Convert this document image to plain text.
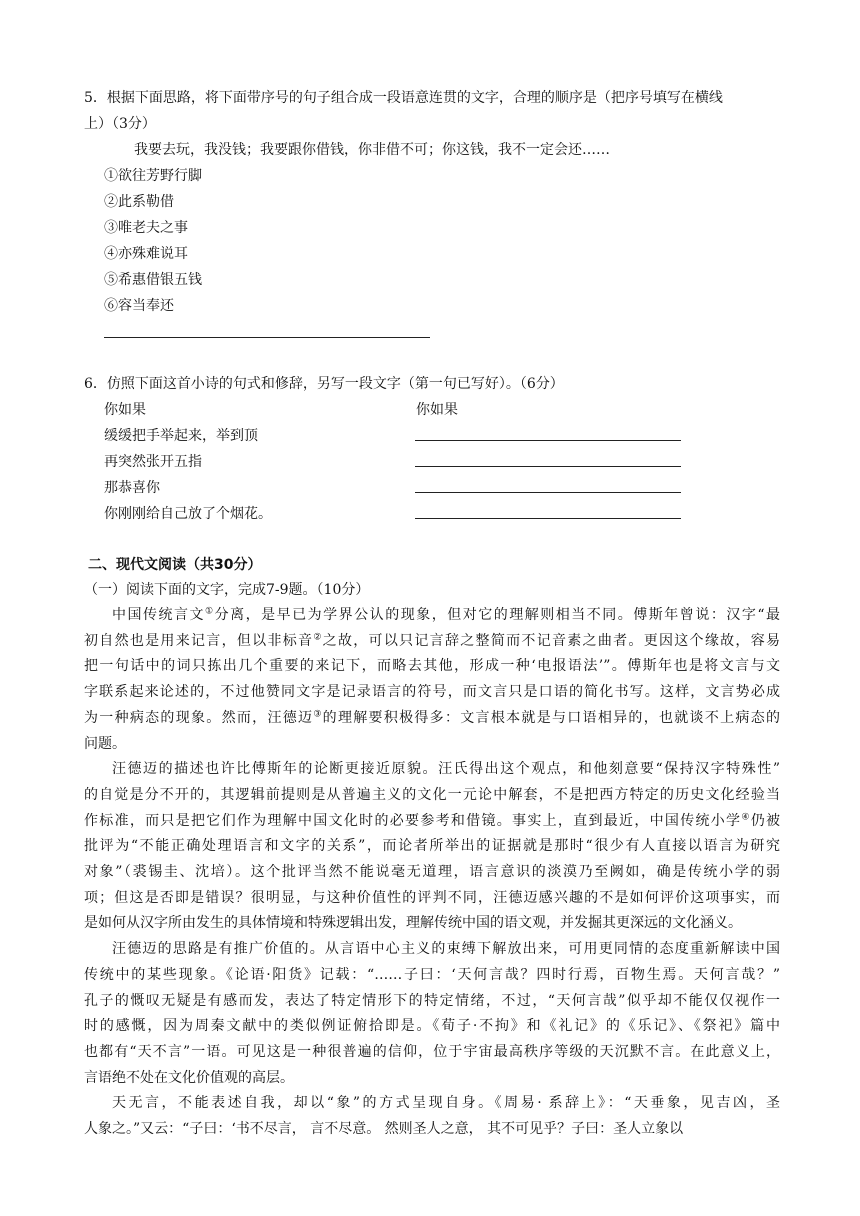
5．根据下面思路，将下面带序号的句子组合成一段语意连贯的文字，合理的顺序是（把序号填写在横线
上）（3分）
我要去玩，我没钱；我要跟你借钱，你非借不可；你这钱，我不一定会还……
①欲往芳野行脚
②此系勒借
③唯老夫之事
④亦殊难说耳
⑤希惠借银五钱
⑥容当奉还
6．仿照下面这首小诗的句式和修辞，另写一段文字（第一句已写好）。（6分）
你如果
缓缓把手举起来，举到顶
再突然张开五指
那恭喜你
你刚刚给自己放了个烟花。
你如果
二、现代文阅读（共30分）
（一）阅读下面的文字，完成7-9题。（10分）
中国传统言文①分离，是早已为学界公认的现象，但对它的理解则相当不同。傅斯年曾说：汉字“最
初自然也是用来记言，但以非标音②之故，可以只记言辞之整简而不记音素之曲者。更因这个缘故，容易
把一句话中的词只拣出几个重要的来记下，而略去其他，形成一种‘电报语法’”。傅斯年也是将文言与文
字联系起来论述的，不过他赞同文字是记录语言的符号，而文言只是口语的简化书写。这样，文言势必成
为一种病态的现象。然而，汪德迈③的理解要积极得多：文言根本就是与口语相异的，也就谈不上病态的
问题。
汪德迈的描述也许比傅斯年的论断更接近原貌。汪氏得出这个观点，和他刻意要“保持汉字特殊性”
的自觉是分不开的，其逻辑前提则是从普遍主义的文化一元论中解套，不是把西方特定的历史文化经验当
作标准，而只是把它们作为理解中国文化时的必要参考和借镜。事实上，直到最近，中国传统小学④仍被
批评为“不能正确处理语言和文字的关系”，而论者所举出的证据就是那时“很少有人直接以语言为研究
对象”（裘锡圭、沈培）。这个批评当然不能说毫无道理，语言意识的淡漠乃至阙如，确是传统小学的弱
项；但这是否即是错误？很明显，与这种价值性的评判不同，汪德迈感兴趣的不是如何评价这项事实，而
是如何从汉字所由发生的具体情境和特殊逻辑出发，理解传统中国的语文观，并发掘其更深远的文化涵义。
汪德迈的思路是有推广价值的。从言语中心主义的束缚下解放出来，可用更同情的态度重新解读中国
传统中的某些现象。《论语·阳货》记载：“……子曰：‘天何言哉？四时行焉，百物生焉。天何言哉？”
孔子的慨叹无疑是有感而发，表达了特定情形下的特定情绪，不过，“天何言哉”似乎却不能仅仅视作一
时的感慨，因为周秦文献中的类似例证俯拾即是。《荀子·不拘》和《礼记》的《乐记》、《祭祀》篇中
也都有“天不言”一语。可见这是一种很普遍的信仰，位于宇宙最高秩序等级的天沉默不言。在此意义上，
言语绝不处在文化价值观的高层。
天无言，不能表述自我，却以“象”的方式呈现自身。《周易· 系辞上》：“天垂象，见吉凶，圣
人象之。”又云：“子曰：‘书不尽言， 言不尽意。 然则圣人之意， 其不可见乎？子曰：圣人立象以
